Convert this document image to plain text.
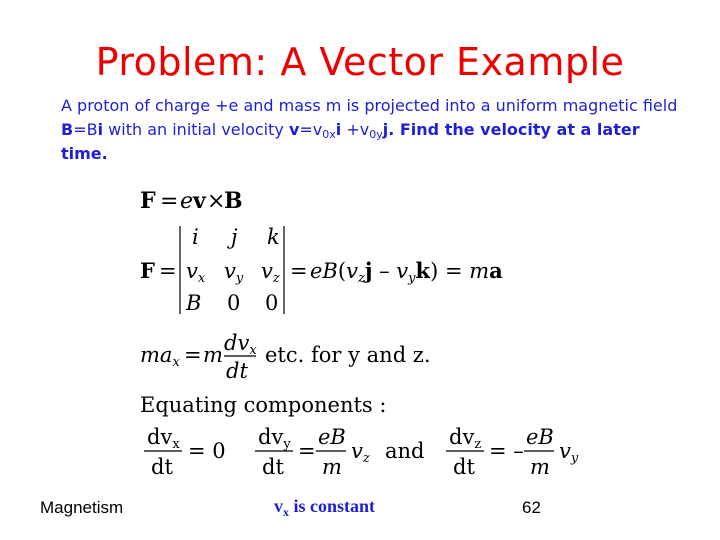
Problem: A Vector Example
A proton of charge +e and mass m is projected into a uniform magnetic field B=Bi with an initial velocity $v=v_{0x}i +v_{0y}j$. Find the velocity at a later time.
F = e v ×
B
F =
i j k
vx vy vz
B 0 0
= eB(vzj – vyk) = ma
max = m dvx
dt
etc. for y and z.
Equating components :
dvx
dt
= 0
dvy
dt
=
eB
m
vz and
dvz
dt
= –
eB
m
vy
Magnetism	$v_x$ is constant	62
